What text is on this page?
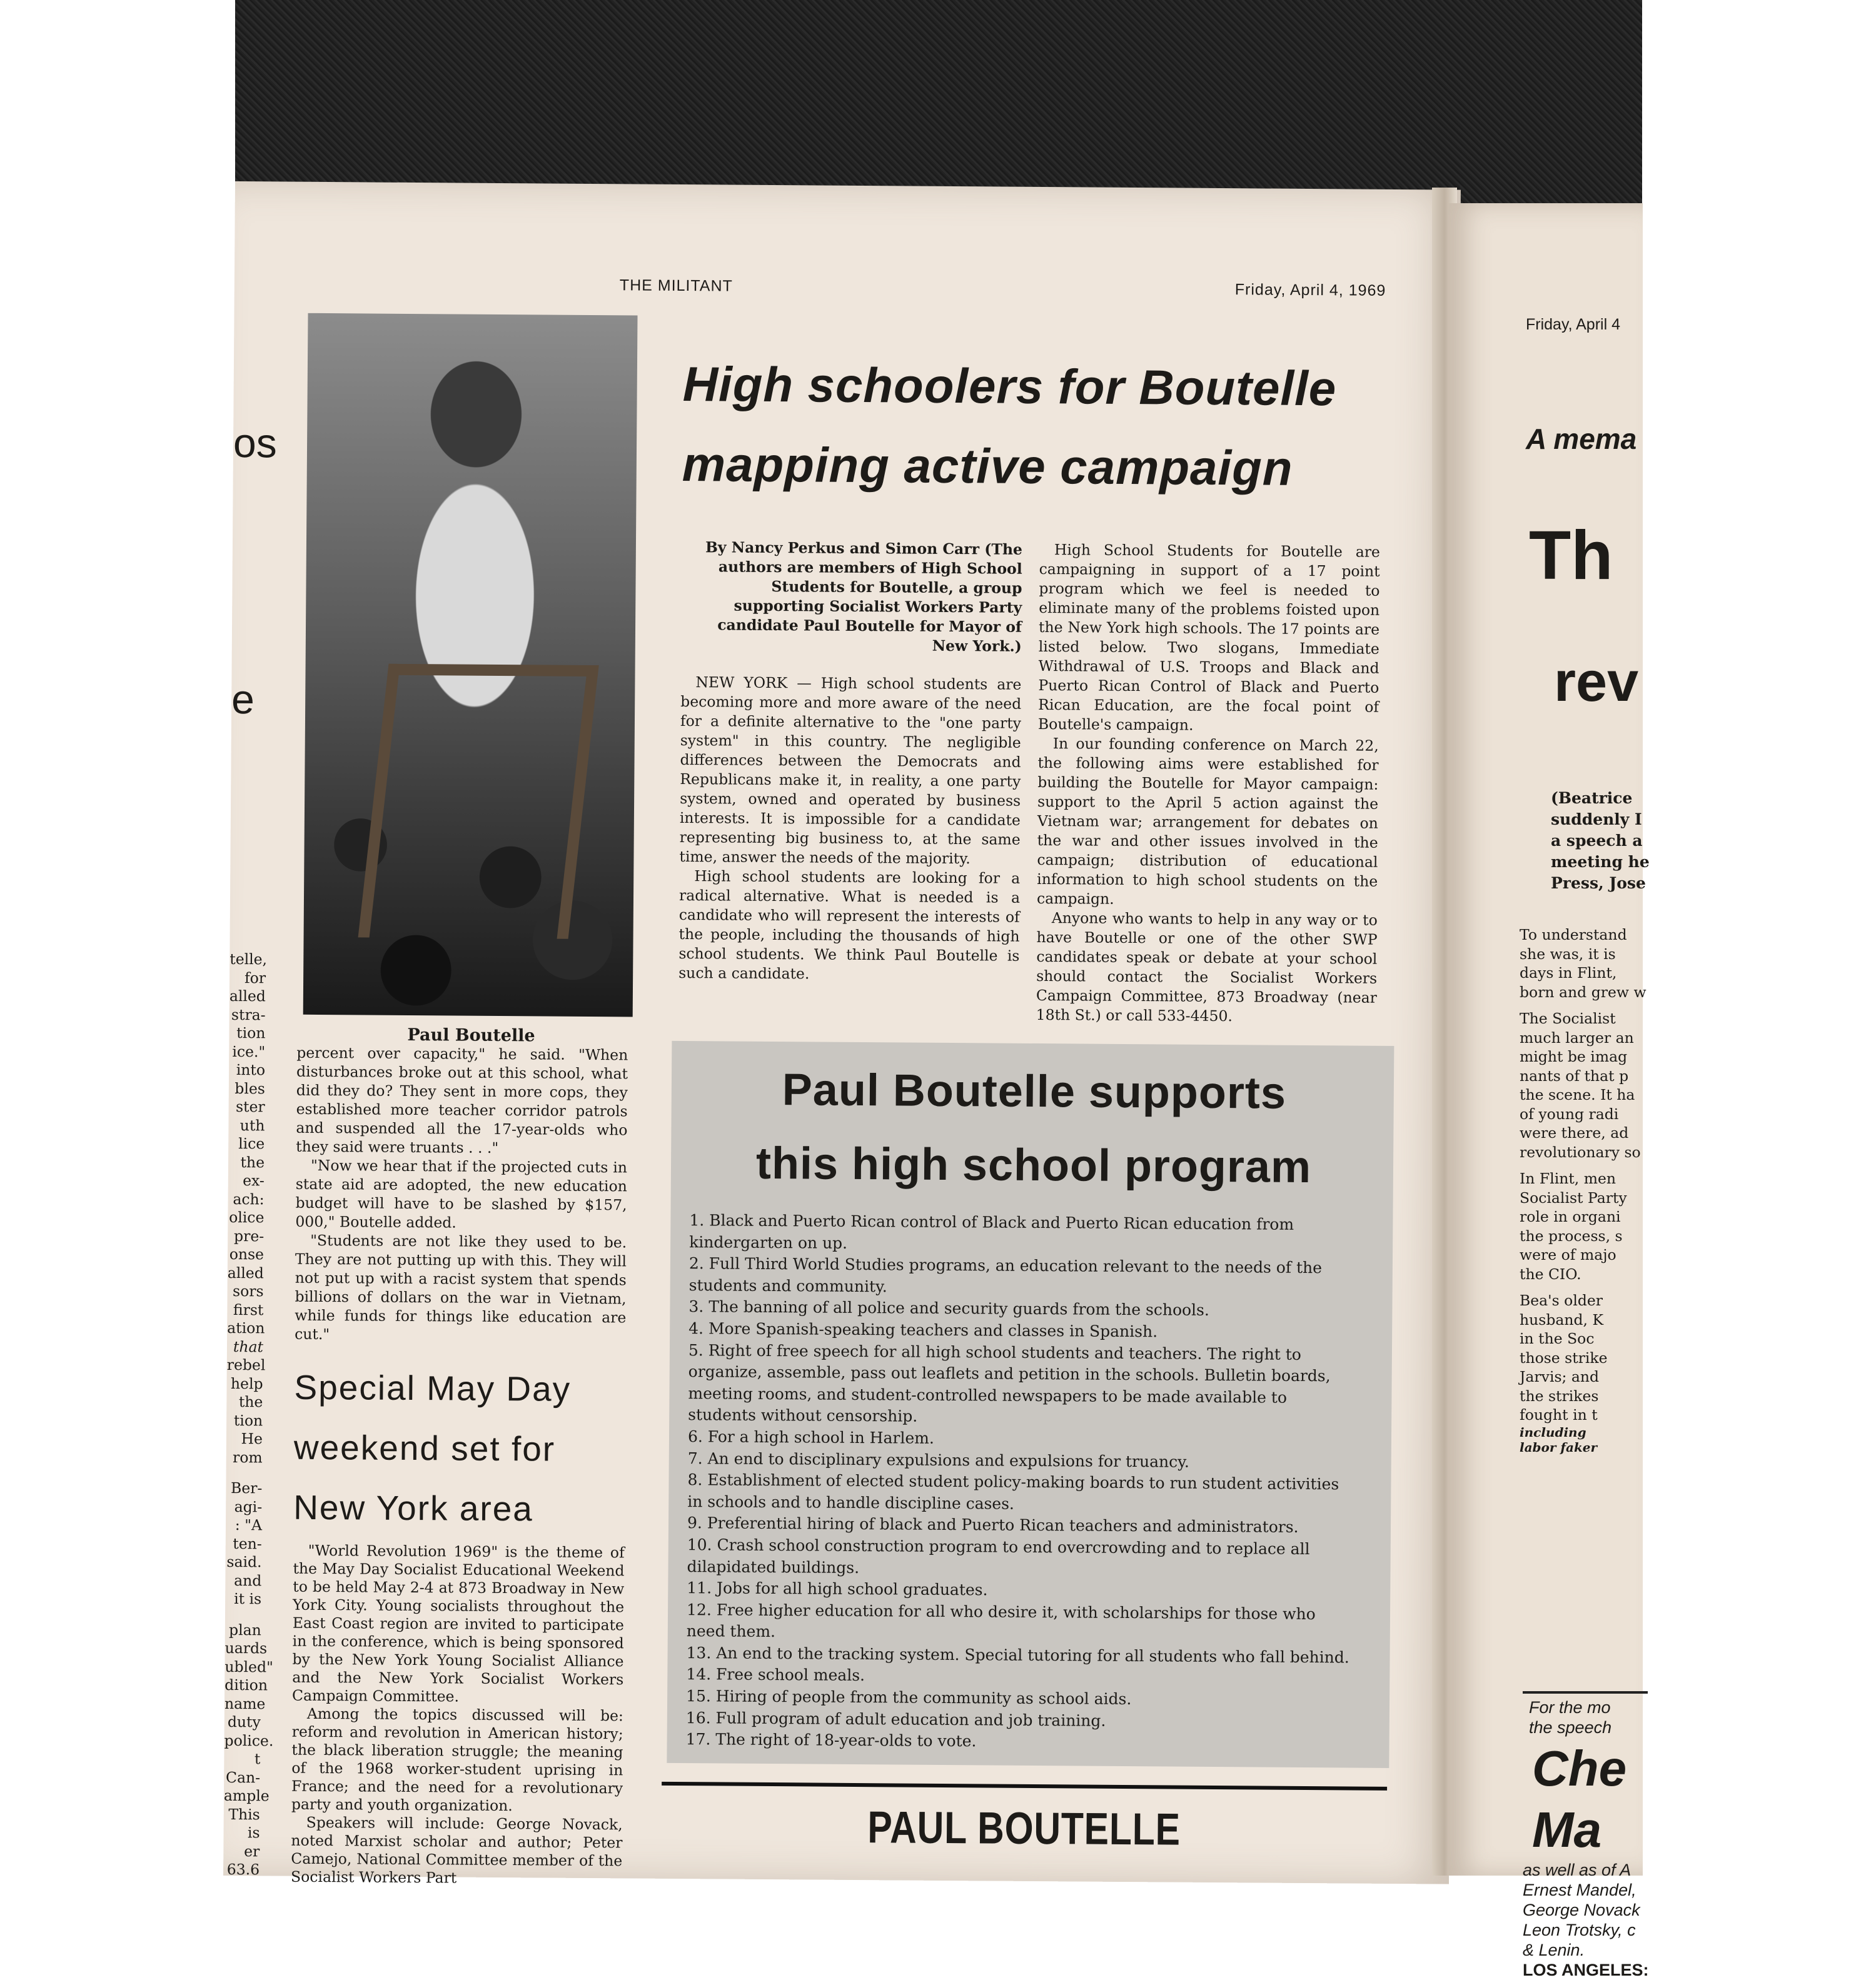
THE MILITANT	Friday, April 4, 1969
Paul Boutelle
High schoolers for Boutelle
mapping active campaign

By Nancy Perkus and Simon Carr (The authors are members of High School Students for Boutelle, a group supporting Socialist Workers Party candidate Paul Boutelle for Mayor of New York.)

NEW YORK — High school students are becoming more and more aware of the need for a definite alternative to the "one party system" in this country. The negligible differences between the Democrats and Republicans make it, in reality, a one party system, owned and operated by business interests. It is impossible for a candidate representing big business to, at the same time, answer the needs of the majority.

High school students are looking for a radical alternative. What is needed is a candidate who will represent the interests of the people, including the thousands of high school students. We think Paul Boutelle is such a candidate.

High School Students for Boutelle are campaigning in support of a 17 point program which we feel is needed to eliminate many of the problems foisted upon the New York high schools. The 17 points are listed below. Two slogans, Immediate Withdrawal of U.S. Troops and Black and Puerto Rican Control of Black and Puerto Rican Education, are the focal point of Boutelle's campaign.

In our founding conference on March 22, the following aims were established for building the Boutelle for Mayor campaign: support to the April 5 action against the Vietnam war; arrangement for debates on the war and other issues involved in the campaign; distribution of educational information to high school students on the campaign.

Anyone who wants to help in any way or to have Boutelle or one of the other SWP candidates speak or debate at your school should contact the Socialist Workers Campaign Committee, 873 Broadway (near 18th St.) or call 533-4450.

percent over capacity," he said. "When disturbances broke out at this school, what did they do? They sent in more cops, they established more teacher corridor patrols and suspended all the 17-year-olds who they said were truants . . ."

"Now we hear that if the projected cuts in state aid are adopted, the new education budget will have to be slashed by $157, 000," Boutelle added.

"Students are not like they used to be. They are not putting up with this. They will not put up with a racist system that spends billions of dollars on the war in Vietnam, while funds for things like education are cut."

Special May Day
weekend set for
New York area

"World Revolution 1969" is the theme of the May Day Socialist Educational Weekend to be held May 2-4 at 873 Broadway in New York City. Young socialists throughout the East Coast region are invited to participate in the conference, which is being sponsored by the New York Young Socialist Alliance and the New York Socialist Workers Campaign Committee.

Among the topics discussed will be: reform and revolution in American history; the black liberation struggle; the meaning of the 1968 worker-student uprising in France; and the need for a revolutionary party and youth organization.

Speakers will include: George Novack, noted Marxist scholar and author; Peter Camejo, National Committee member of the Socialist Workers Part

Paul Boutelle supports
this high school program
1. Black and Puerto Rican control of Black and Puerto Rican education from kindergarten on up.
2. Full Third World Studies programs, an education relevant to the needs of the students and community.
3. The banning of all police and security guards from the schools.
4. More Spanish-speaking teachers and classes in Spanish.
5. Right of free speech for all high school students and teachers. The right to organize, assemble, pass out leaflets and petition in the schools. Bulletin boards, meeting rooms, and student-controlled newspapers to be made available to students without censorship.
6. For a high school in Harlem.
7. An end to disciplinary expulsions and expulsions for truancy.
8. Establishment of elected student policy-making boards to run student activities in schools and to handle discipline cases.
9. Preferential hiring of black and Puerto Rican teachers and administrators.
10. Crash school construction program to end overcrowding and to replace all dilapidated buildings.
11. Jobs for all high school graduates.
12. Free higher education for all who desire it, with scholarships for those who need them.
13. An end to the tracking system. Special tutoring for all students who fall behind.
14. Free school meals.
15. Hiring of people from the community as school aids.
16. Full program of adult education and job training.
17. The right of 18-year-olds to vote.
PAUL BOUTELLE
os
e
telle,
for
alled
stra-
tion
ice."
into
bles
ster
uth
lice
the
ex-
ach:
olice
pre-
onse
alled
sors
first
ation
that
rebel
help
the
tion
He
rom
Ber-
agi-
: "A
ten-
said.
and
it is
plan
uards
ubled"
dition
name
duty
police.
t Can-
ample
This is
er 63.6
Friday, April 4
A mema
Th
rev
(Beatrice
suddenly I
a speech a
meeting he
Press, Jose
To understand
she was, it is
days in Flint,
born and grew w
The Socialist
much larger an
might be imag
nants of that p
the scene. It ha
of young radi
were there, ad
revolutionary so
In Flint, men
Socialist Party
role in organi
the process, s
were of majo
the CIO.
Bea's older
husband, K
in the Soc
those strike
Jarvis; and
the strikes
fought in t
including
labor faker
For the mo
the speech
Che
Ma
as well as of A
Ernest Mandel,
George Novack
Leon Trotsky, c
& Lenin.
LOS ANGELES:
